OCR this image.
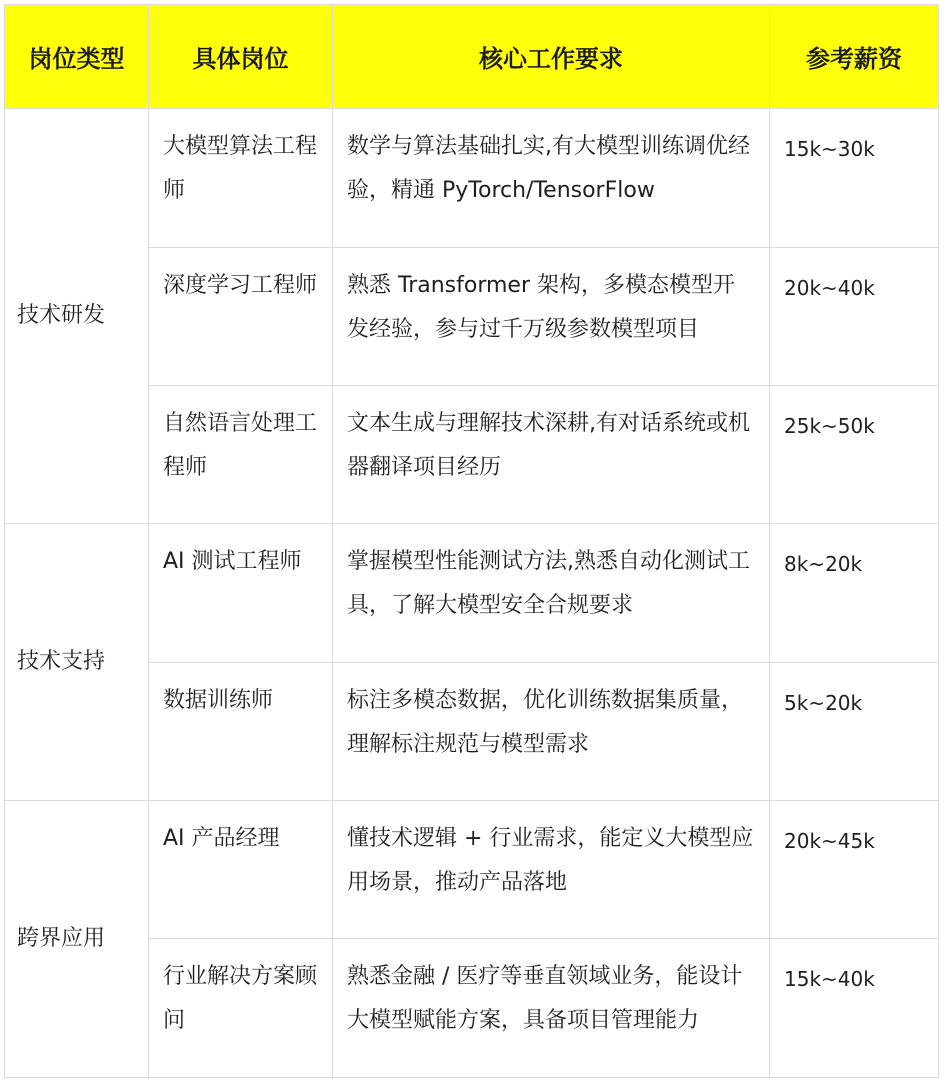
岗位类型	具体岗位	核心工作要求	参考薪资
技术研发	大模型算法工程师	数学与算法基础扎实,有大模型训练调优经验，精通 PyTorch/TensorFlow	15k~30k
	深度学习工程师	熟悉 Transformer 架构，多模态模型开发经验，参与过千万级参数模型项目	20k~40k
	自然语言处理工程师	文本生成与理解技术深耕,有对话系统或机器翻译项目经历	25k~50k
技术支持	AI 测试工程师	掌握模型性能测试方法,熟悉自动化测试工具，了解大模型安全合规要求	8k~20k
	数据训练师	标注多模态数据，优化训练数据集质量，理解标注规范与模型需求	5k~20k
跨界应用	AI 产品经理	懂技术逻辑 + 行业需求，能定义大模型应用场景，推动产品落地	20k~45k
	行业解决方案顾问	熟悉金融 / 医疗等垂直领域业务，能设计大模型赋能方案，具备项目管理能力	15k~40k
